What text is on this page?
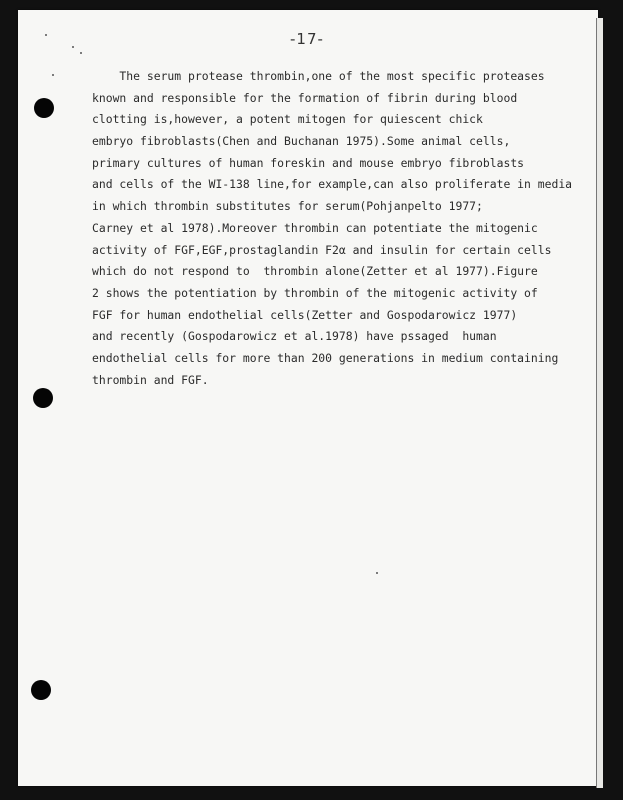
-17-
The serum protease thrombin,one of the most specific proteases
known and responsible for the formation of fibrin during blood
clotting is,however, a potent mitogen for quiescent chick
embryo fibroblasts(Chen and Buchanan 1975).Some animal cells,
primary cultures of human foreskin and mouse embryo fibroblasts
and cells of the WI-138 line,for example,can also proliferate in media
in which thrombin substitutes for serum(Pohjanpelto 1977;
Carney et al 1978).Moreover thrombin can potentiate the mitogenic
activity of FGF,EGF,prostaglandin F2α and insulin for certain cells
which do not respond to  thrombin alone(Zetter et al 1977).Figure
2 shows the potentiation by thrombin of the mitogenic activity of
FGF for human endothelial cells(Zetter and Gospodarowicz 1977)
and recently (Gospodarowicz et al.1978) have pssaged  human
endothelial cells for more than 200 generations in medium containing
thrombin and FGF.
